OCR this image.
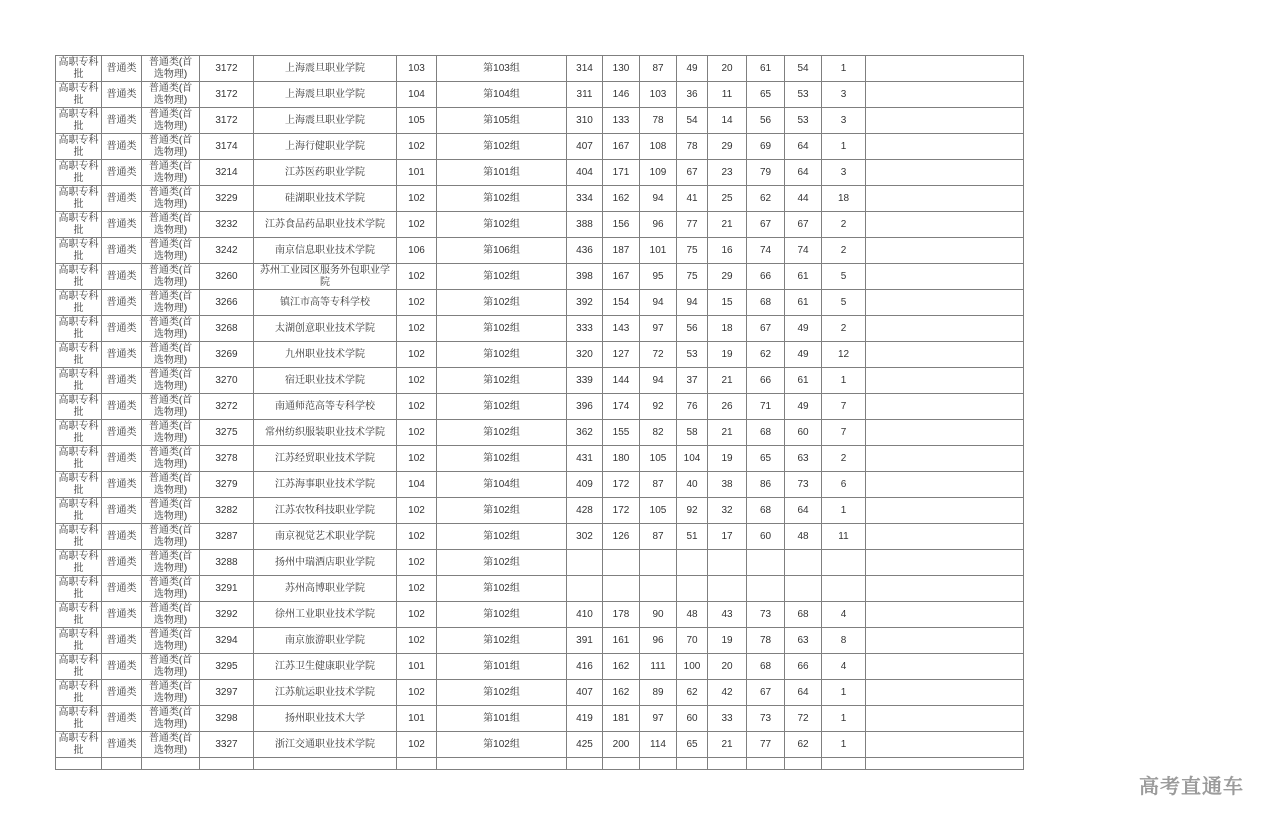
高职专科批	普通类	普通类(首选物理)	3172	上海震旦职业学院	103	第103组	314	130	87	49	20	61	54	1	
高职专科批	普通类	普通类(首选物理)	3172	上海震旦职业学院	104	第104组	311	146	103	36	11	65	53	3	
高职专科批	普通类	普通类(首选物理)	3172	上海震旦职业学院	105	第105组	310	133	78	54	14	56	53	3	
高职专科批	普通类	普通类(首选物理)	3174	上海行健职业学院	102	第102组	407	167	108	78	29	69	64	1	
高职专科批	普通类	普通类(首选物理)	3214	江苏医药职业学院	101	第101组	404	171	109	67	23	79	64	3	
高职专科批	普通类	普通类(首选物理)	3229	硅湖职业技术学院	102	第102组	334	162	94	41	25	62	44	18	
高职专科批	普通类	普通类(首选物理)	3232	江苏食品药品职业技术学院	102	第102组	388	156	96	77	21	67	67	2	
高职专科批	普通类	普通类(首选物理)	3242	南京信息职业技术学院	106	第106组	436	187	101	75	16	74	74	2	
高职专科批	普通类	普通类(首选物理)	3260	苏州工业园区服务外包职业学院	102	第102组	398	167	95	75	29	66	61	5	
高职专科批	普通类	普通类(首选物理)	3266	镇江市高等专科学校	102	第102组	392	154	94	94	15	68	61	5	
高职专科批	普通类	普通类(首选物理)	3268	太湖创意职业技术学院	102	第102组	333	143	97	56	18	67	49	2	
高职专科批	普通类	普通类(首选物理)	3269	九州职业技术学院	102	第102组	320	127	72	53	19	62	49	12	
高职专科批	普通类	普通类(首选物理)	3270	宿迁职业技术学院	102	第102组	339	144	94	37	21	66	61	1	
高职专科批	普通类	普通类(首选物理)	3272	南通师范高等专科学校	102	第102组	396	174	92	76	26	71	49	7	
高职专科批	普通类	普通类(首选物理)	3275	常州纺织服装职业技术学院	102	第102组	362	155	82	58	21	68	60	7	
高职专科批	普通类	普通类(首选物理)	3278	江苏经贸职业技术学院	102	第102组	431	180	105	104	19	65	63	2	
高职专科批	普通类	普通类(首选物理)	3279	江苏海事职业技术学院	104	第104组	409	172	87	40	38	86	73	6	
高职专科批	普通类	普通类(首选物理)	3282	江苏农牧科技职业学院	102	第102组	428	172	105	92	32	68	64	1	
高职专科批	普通类	普通类(首选物理)	3287	南京视觉艺术职业学院	102	第102组	302	126	87	51	17	60	48	11	
高职专科批	普通类	普通类(首选物理)	3288	扬州中瑞酒店职业学院	102	第102组									
高职专科批	普通类	普通类(首选物理)	3291	苏州高博职业学院	102	第102组									
高职专科批	普通类	普通类(首选物理)	3292	徐州工业职业技术学院	102	第102组	410	178	90	48	43	73	68	4	
高职专科批	普通类	普通类(首选物理)	3294	南京旅游职业学院	102	第102组	391	161	96	70	19	78	63	8	
高职专科批	普通类	普通类(首选物理)	3295	江苏卫生健康职业学院	101	第101组	416	162	111	100	20	68	66	4	
高职专科批	普通类	普通类(首选物理)	3297	江苏航运职业技术学院	102	第102组	407	162	89	62	42	67	64	1	
高职专科批	普通类	普通类(首选物理)	3298	扬州职业技术大学	101	第101组	419	181	97	60	33	73	72	1	
高职专科批	普通类	普通类(首选物理)	3327	浙江交通职业技术学院	102	第102组	425	200	114	65	21	77	62	1	

高考直通车
